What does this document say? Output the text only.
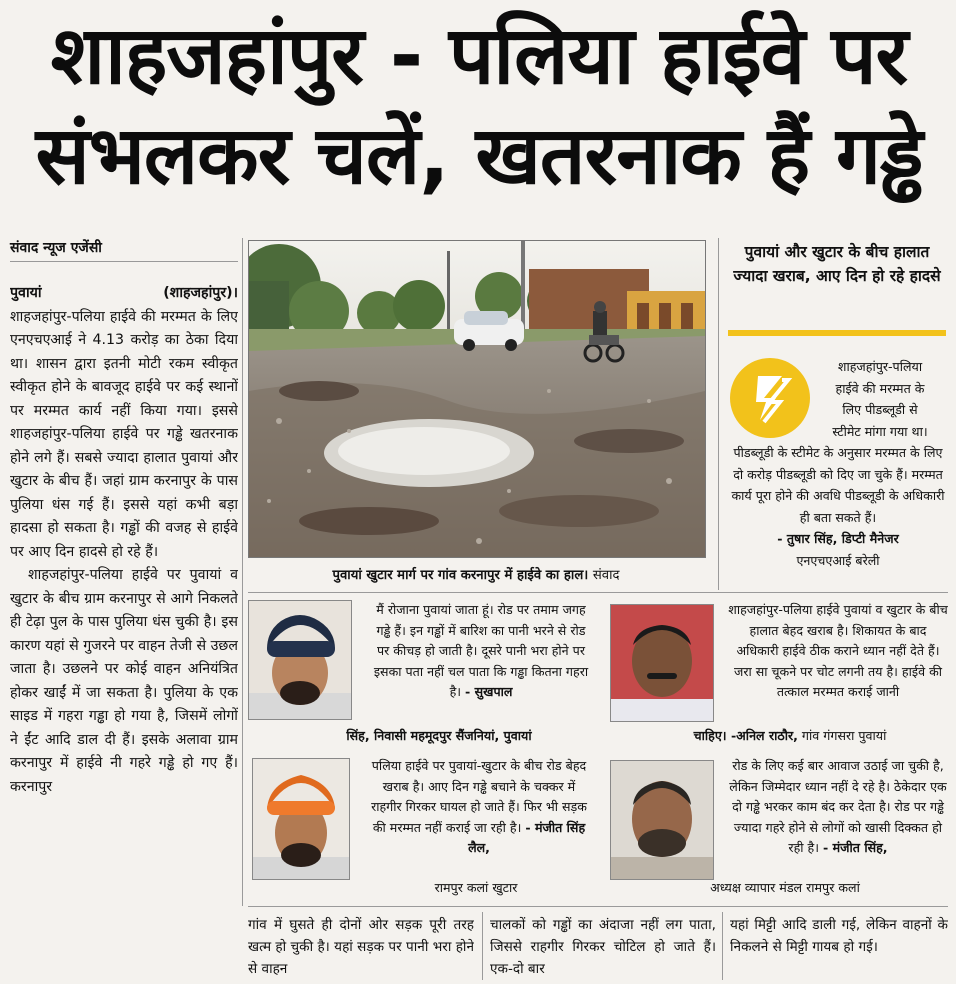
शाहजहांपुर - पलिया हाईवे पर
संभलकर चलें, खतरनाक हैं गड्ढे
संवाद न्यूज एजेंसी
पुवायां	(शाहजहांपुर)।

शाहजहांपुर-पलिया हाईवे की मरम्मत के लिए एनएचएआई ने 4.13 करोड़ का ठेका दिया था। शासन द्वारा इतनी मोटी रकम स्वीकृत स्वीकृत होने के बावजूद हाईवे पर कई स्थानों पर मरम्मत कार्य नहीं किया गया। इससे शाहजहांपुर-पलिया हाईवे पर गड्ढे खतरनाक होने लगे हैं। सबसे ज्यादा हालात पुवायां और खुटार के बीच हैं। जहां ग्राम करनापुर के पास पुलिया धंस गई हैं। इससे यहां कभी बड़ा हादसा हो सकता है। गड्ढों की वजह से हाईवे पर आए दिन हादसे हो रहे हैं।

शाहजहांपुर-पलिया हाईवे पर पुवायां व खुटार के बीच ग्राम करनापुर से आगे निकलते ही टेढ़ा पुल के पास पुलिया धंस चुकी है। इस कारण यहां से गुजरने पर वाहन तेजी से उछल जाता है। उछलने पर कोई वाहन अनियंत्रित होकर खाईं में जा सकता है। पुलिया के एक साइड में गहरा गड्ढा हो गया है, जिसमें लोगों ने ईंट आदि डाल दी हैं। इसके अलावा ग्राम करनापुर में हाईवे नी गहरे गड्ढे हो गए हैं। करनापुर

पुवायां खुटार मार्ग पर गांव करनापुर में हाईवे का हाल। संवाद
पुवायां और खुटार के बीच हालात ज्यादा खराब, आए दिन हो रहे हादसे
शाहजहांपुर-पलिया
हाईवे की मरम्मत के
लिए पीडब्लूडी से
स्टीमेट मांगा गया था।
पीडब्लूडी के स्टीमेट के अनुसार मरम्मत के लिए दो करोड़ पीडब्लूडी को दिए जा चुके हैं। मरम्मत कार्य पूरा होने की अवधि पीडब्लूडी के अधिकारी ही बता सकते हैं।
- तुषार सिंह, डिप्टी मैनेजर
एनएचएआई बरेली
मैं रोजाना पुवायां जाता हूं। रोड पर तमाम जगह गड्ढे हैं। इन गड्ढों में बारिश का पानी भरने से रोड पर कीचड़ हो जाती है। दूसरे पानी भरा होने पर इसका पता नहीं चल पाता कि गड्ढा कितना गहरा है। - सुखपाल
सिंह, निवासी महमूदपुर सैंजनियां, पुवायां
शाहजहांपुर-पलिया हाईवे पुवायां व खुटार के बीच हालात बेहद खराब है। शिकायत के बाद अधिकारी हाईवे ठीक कराने ध्यान नहीं देते हैं। जरा सा चूकने पर चोट लगनी तय है। हाईवे की तत्काल मरम्मत कराई जानी
चाहिए। -अनिल राठौर, गांव गंगसरा पुवायां
पलिया हाईवे पर पुवायां-खुटार के बीच रोड बेहद खराब है। आए दिन गड्ढे बचाने के चक्कर में राहगीर गिरकर घायल हो जाते हैं। फिर भी सड़क की मरम्मत नहीं कराई जा रही है। - मंजीत सिंह लैल,
रामपुर कलां खुटार
रोड के लिए कई बार आवाज उठाई जा चुकी है, लेकिन जिम्मेदार ध्यान नहीं दे रहे है। ठेकेदार एक दो गड्ढे भरकर काम बंद कर देता है। रोड पर गड्ढे ज्यादा गहरे होने से लोगों को खासी दिक्कत हो रही है। - मंजीत सिंह,
अध्यक्ष व्यापार मंडल रामपुर कलां
गांव में घुसते ही दोनों ओर सड़क पूरी तरह खत्म हो चुकी है। यहां सड़क पर पानी भरा होने से वाहन
चालकों को गड्ढों का अंदाजा नहीं लग पाता, जिससे राहगीर गिरकर चोटिल हो जाते हैं। एक-दो बार
यहां मिट्टी आदि डाली गई, लेकिन वाहनों के निकलने से मिट्टी गायब हो गई।
